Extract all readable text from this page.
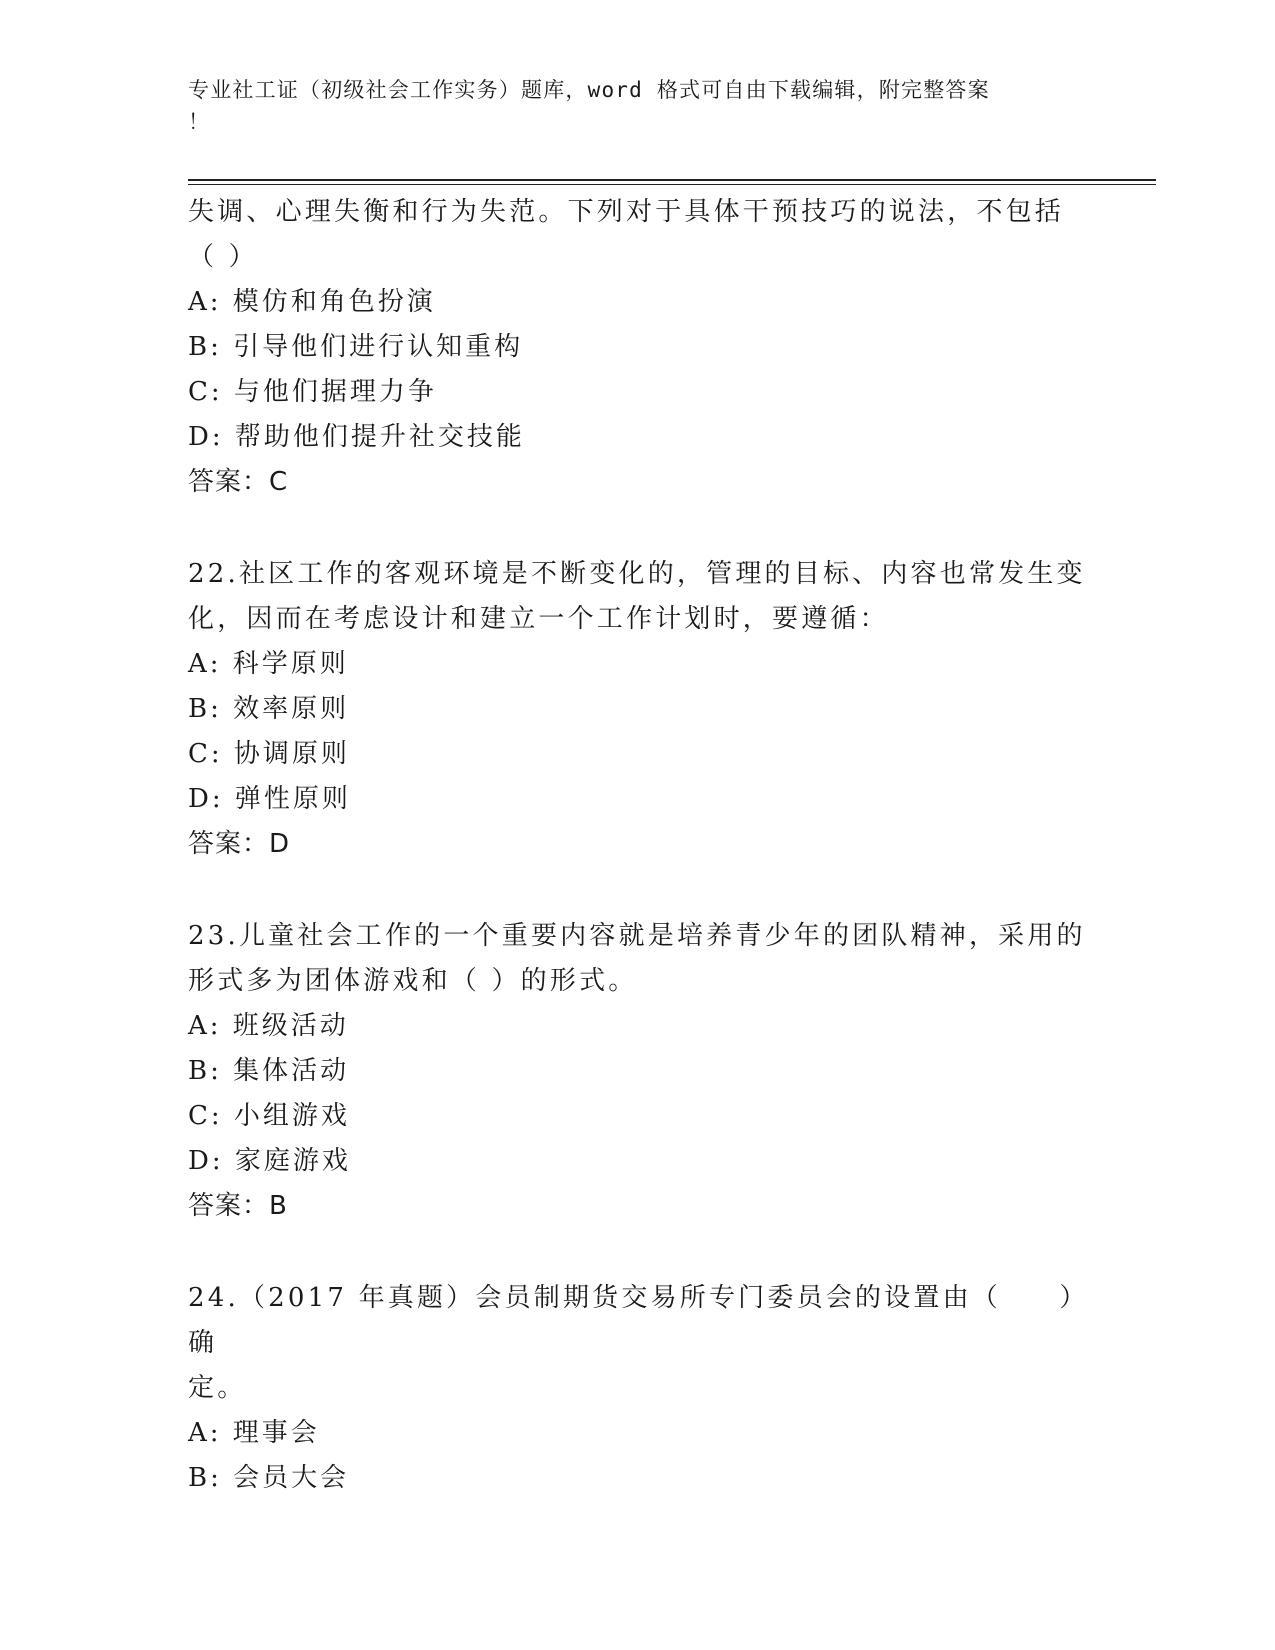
专业社工证（初级社会工作实务）题库，word 格式可自由下载编辑，附完整答案
！
失调、心理失衡和行为失范。下列对于具体干预技巧的说法，不包括
（ ）
A: 模仿和角色扮演
B: 引导他们进行认知重构
C: 与他们据理力争
D: 帮助他们提升社交技能
答案：C
22.社区工作的客观环境是不断变化的，管理的目标、内容也常发生变
化，因而在考虑设计和建立一个工作计划时，要遵循：
A: 科学原则
B: 效率原则
C: 协调原则
D: 弹性原则
答案：D
23.儿童社会工作的一个重要内容就是培养青少年的团队精神，采用的
形式多为团体游戏和（ ）的形式。
A: 班级活动
B: 集体活动
C: 小组游戏
D: 家庭游戏
答案：B
24.（2017 年真题）会员制期货交易所专门委员会的设置由（　　）确
定。
A: 理事会
B: 会员大会
